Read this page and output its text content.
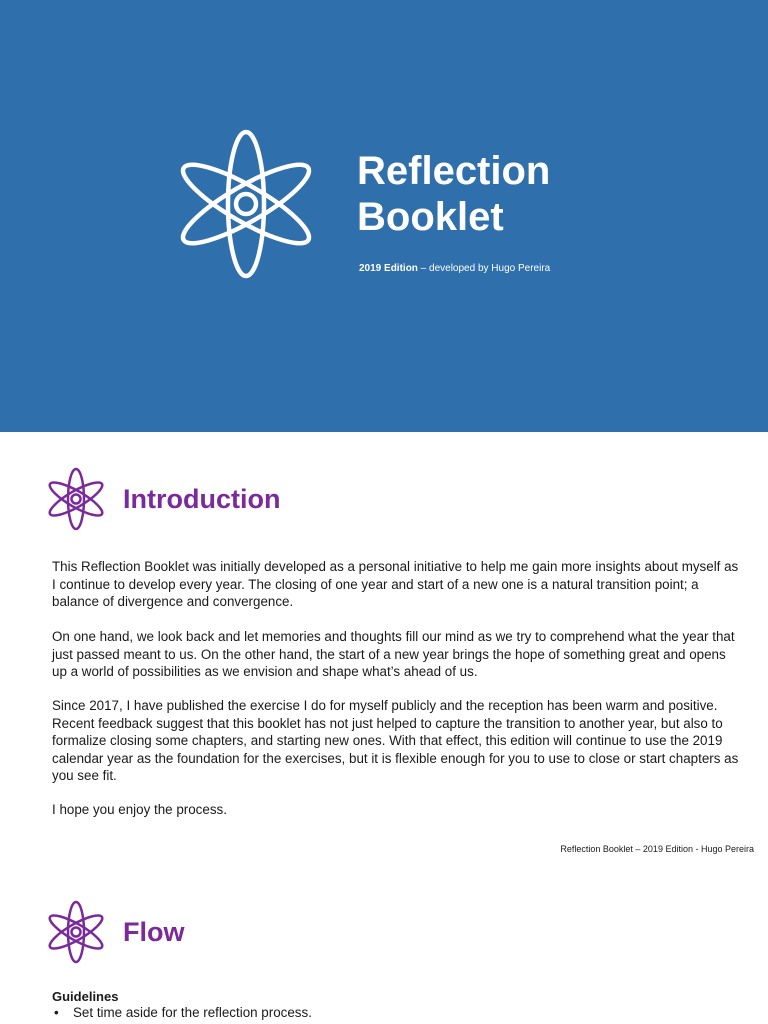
Reflection
Booklet

2019 Edition – developed by Hugo Pereira

Introduction

This Reflection Booklet was initially developed as a personal initiative to help me gain more insights about myself as I continue to develop every year. The closing of one year and start of a new one is a natural transition point; a balance of divergence and convergence.

On one hand, we look back and let memories and thoughts fill our mind as we try to comprehend what the year that just passed meant to us. On the other hand, the start of a new year brings the hope of something great and opens up a world of possibilities as we envision and shape what’s ahead of us.

Since 2017, I have published the exercise I do for myself publicly and the reception has been warm and positive. Recent feedback suggest that this booklet has not just helped to capture the transition to another year, but also to formalize closing some chapters, and starting new ones. With that effect, this edition will continue to use the 2019 calendar year as the foundation for the exercises, but it is flexible enough for you to use to close or start chapters as you see fit.

I hope you enjoy the process.

Reflection Booklet – 2019 Edition - Hugo Pereira

Flow
Guidelines
• Set time aside for the reflection process.
